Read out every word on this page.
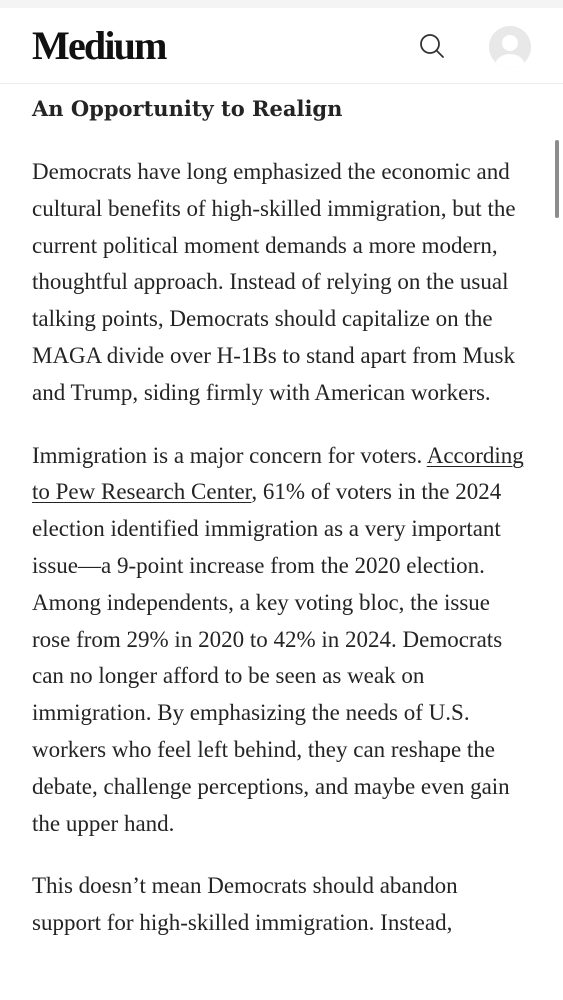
Medium
An Opportunity to Realign

Democrats have long emphasized the economic and cultural benefits of high-skilled immigration, but the current political moment demands a more modern, thoughtful approach. Instead of relying on the usual talking points, Democrats should capitalize on the MAGA divide over H-1Bs to stand apart from Musk and Trump, siding firmly with American workers.

Immigration is a major concern for voters. According to Pew Research Center, 61% of voters in the 2024 election identified immigration as a very important issue—a 9-point increase from the 2020 election. Among independents, a key voting bloc, the issue rose from 29% in 2020 to 42% in 2024. Democrats can no longer afford to be seen as weak on immigration. By emphasizing the needs of U.S. workers who feel left behind, they can reshape the debate, challenge perceptions, and maybe even gain the upper hand.

This doesn’t mean Democrats should abandon support for high-skilled immigration. Instead,
